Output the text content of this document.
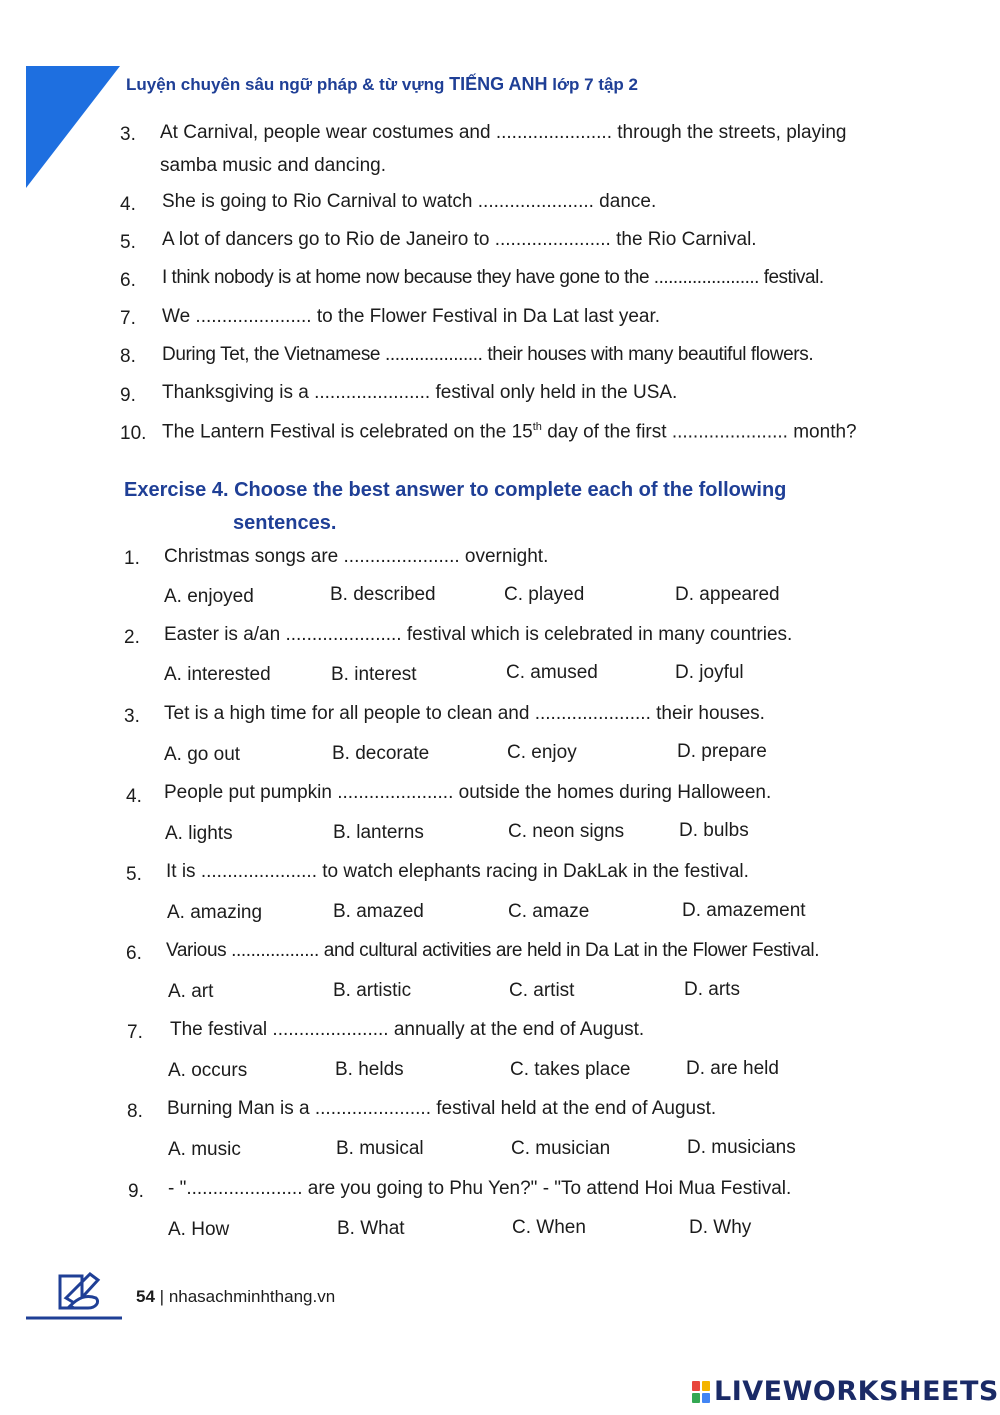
Luyện chuyên sâu ngữ pháp & từ vựng TIẾNG ANH lớp 7 tập 2
3. At Carnival, people wear costumes and ...................... through the streets, playing
samba music and dancing.
4. She is going to Rio Carnival to watch ...................... dance.
5. A lot of dancers go to Rio de Janeiro to ...................... the Rio Carnival.
6. I think nobody is at home now because they have gone to the ...................... festival.
7. We ...................... to the Flower Festival in Da Lat last year.
8. During Tet, the Vietnamese .................... their houses with many beautiful flowers.
9. Thanksgiving is a ...................... festival only held in the USA.
10. The Lantern Festival is celebrated on the 15th day of the first ...................... month?
Exercise 4. Choose the best answer to complete each of the following
sentences.
1. Christmas songs are ...................... overnight.
A. enjoyed	B. described	C. played	D. appeared
2. Easter is a/an ...................... festival which is celebrated in many countries.
A. interested	B. interest	C. amused	D. joyful
3. Tet is a high time for all people to clean and ...................... their houses.
A. go out	B. decorate	C. enjoy	D. prepare
4. People put pumpkin ...................... outside the homes during Halloween.
A. lights	B. lanterns	C. neon signs	D. bulbs
5. It is ...................... to watch elephants racing in DakLak in the festival.
A. amazing	B. amazed	C. amaze	D. amazement
6. Various .................. and cultural activities are held in Da Lat in the Flower Festival.
A. art	B. artistic	C. artist	D. arts
7. The festival ...................... annually at the end of August.
A. occurs	B. helds	C. takes place	D. are held
8. Burning Man is a ...................... festival held at the end of August.
A. music	B. musical	C. musician	D. musicians
9. - "...................... are you going to Phu Yen?" - "To attend Hoi Mua Festival.
A. How	B. What	C. When	D. Why
54 | nhasachminhthang.vn
LIVEWORKSHEETS
